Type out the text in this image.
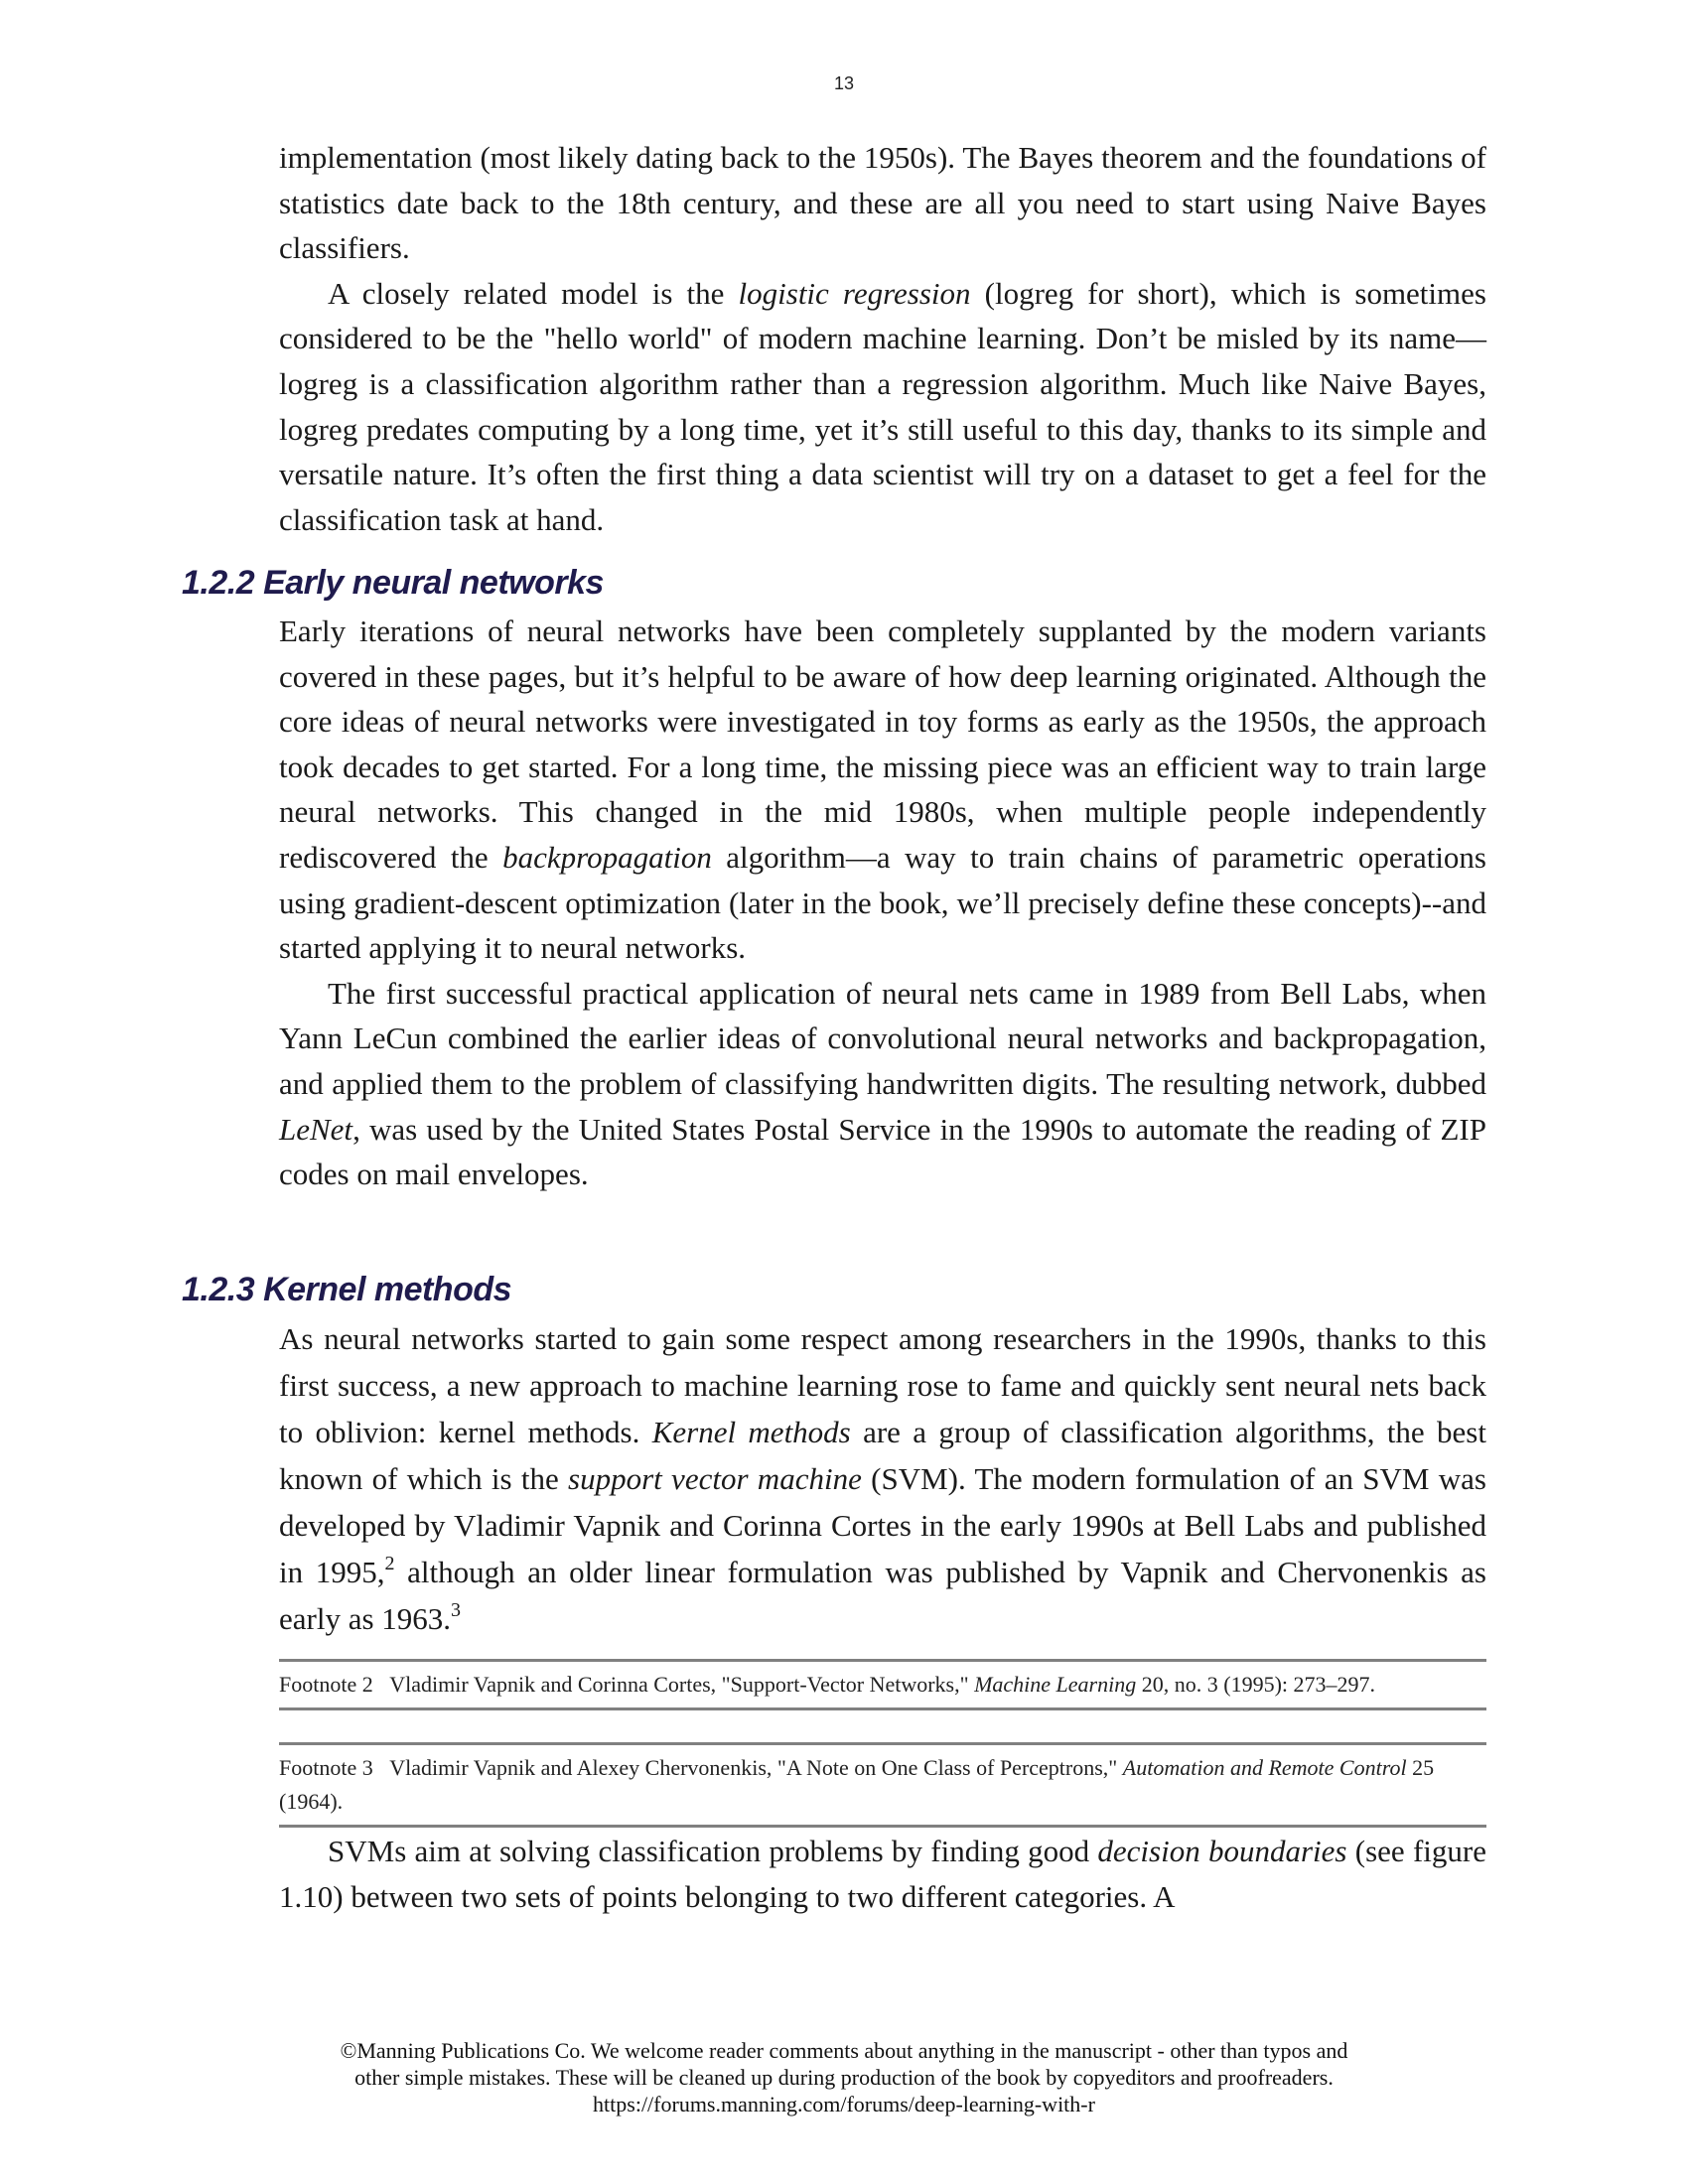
13

implementation (most likely dating back to the 1950s). The Bayes theorem and the foundations of statistics date back to the 18th century, and these are all you need to start using Naive Bayes classifiers.

A closely related model is the logistic regression (logreg for short), which is sometimes considered to be the "hello world" of modern machine learning. Don’t be misled by its name—logreg is a classification algorithm rather than a regression algorithm. Much like Naive Bayes, logreg predates computing by a long time, yet it’s still useful to this day, thanks to its simple and versatile nature. It’s often the first thing a data scientist will try on a dataset to get a feel for the classification task at hand.

1.2.2 Early neural networks

Early iterations of neural networks have been completely supplanted by the modern variants covered in these pages, but it’s helpful to be aware of how deep learning originated. Although the core ideas of neural networks were investigated in toy forms as early as the 1950s, the approach took decades to get started. For a long time, the missing piece was an efficient way to train large neural networks. This changed in the mid 1980s, when multiple people independently rediscovered the backpropagation algorithm—a way to train chains of parametric operations using gradient-descent optimization (later in the book, we’ll precisely define these concepts)--and started applying it to neural networks.

The first successful practical application of neural nets came in 1989 from Bell Labs, when Yann LeCun combined the earlier ideas of convolutional neural networks and backpropagation, and applied them to the problem of classifying handwritten digits. The resulting network, dubbed LeNet, was used by the United States Postal Service in the 1990s to automate the reading of ZIP codes on mail envelopes.

1.2.3 Kernel methods

As neural networks started to gain some respect among researchers in the 1990s, thanks to this first success, a new approach to machine learning rose to fame and quickly sent neural nets back to oblivion: kernel methods. Kernel methods are a group of classification algorithms, the best known of which is the support vector machine (SVM). The modern formulation of an SVM was developed by Vladimir Vapnik and Corinna Cortes in the early 1990s at Bell Labs and published in 1995,$^2$ although an older linear formulation was published by Vapnik and Chervonenkis as early as 1963.$^3$

Footnote 2 Vladimir Vapnik and Corinna Cortes, "Support-Vector Networks," Machine Learning 20, no. 3 (1995): 273–297.

Footnote 3 Vladimir Vapnik and Alexey Chervonenkis, "A Note on One Class of Perceptrons," Automation and Remote Control 25 (1964).

SVMs aim at solving classification problems by finding good decision boundaries (see figure 1.10) between two sets of points belonging to two different categories. A

©Manning Publications Co. We welcome reader comments about anything in the manuscript - other than typos and
other simple mistakes. These will be cleaned up during production of the book by copyeditors and proofreaders.
https://forums.manning.com/forums/deep-learning-with-r
